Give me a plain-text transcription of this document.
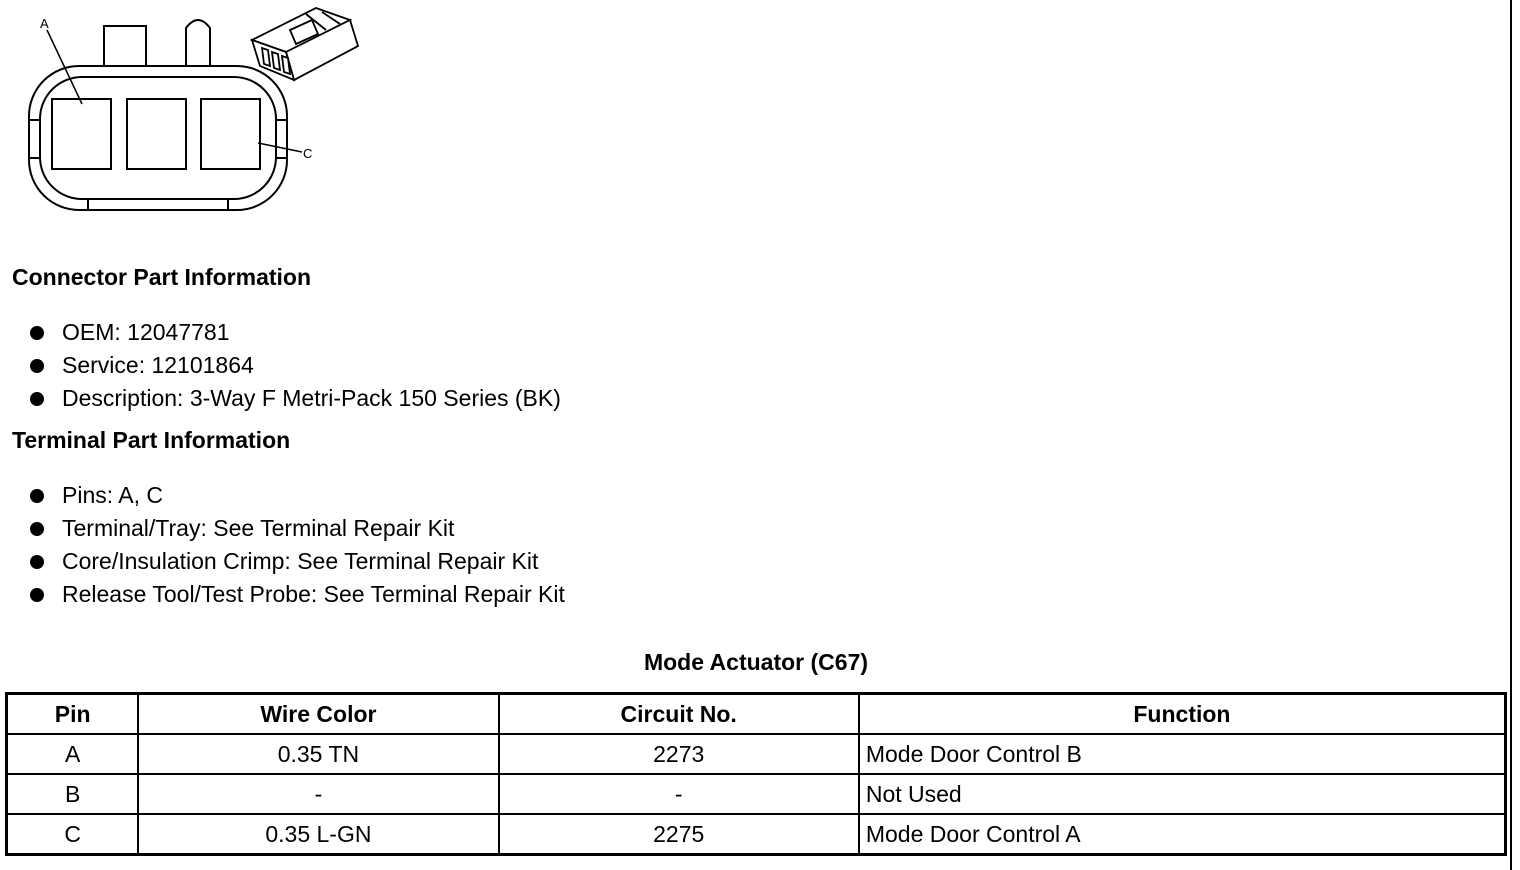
A
C
Connector Part Information
OEM: 12047781
Service: 12101864
Description: 3-Way F Metri-Pack 150 Series (BK)
Terminal Part Information
Pins: A, C
Terminal/Tray: See Terminal Repair Kit
Core/Insulation Crimp: See Terminal Repair Kit
Release Tool/Test Probe: See Terminal Repair Kit
Mode Actuator (C67)
Pin	Wire Color	Circuit No.	Function
A	0.35 TN	2273	Mode Door Control B
B	-	-	Not Used
C	0.35 L-GN	2275	Mode Door Control A
